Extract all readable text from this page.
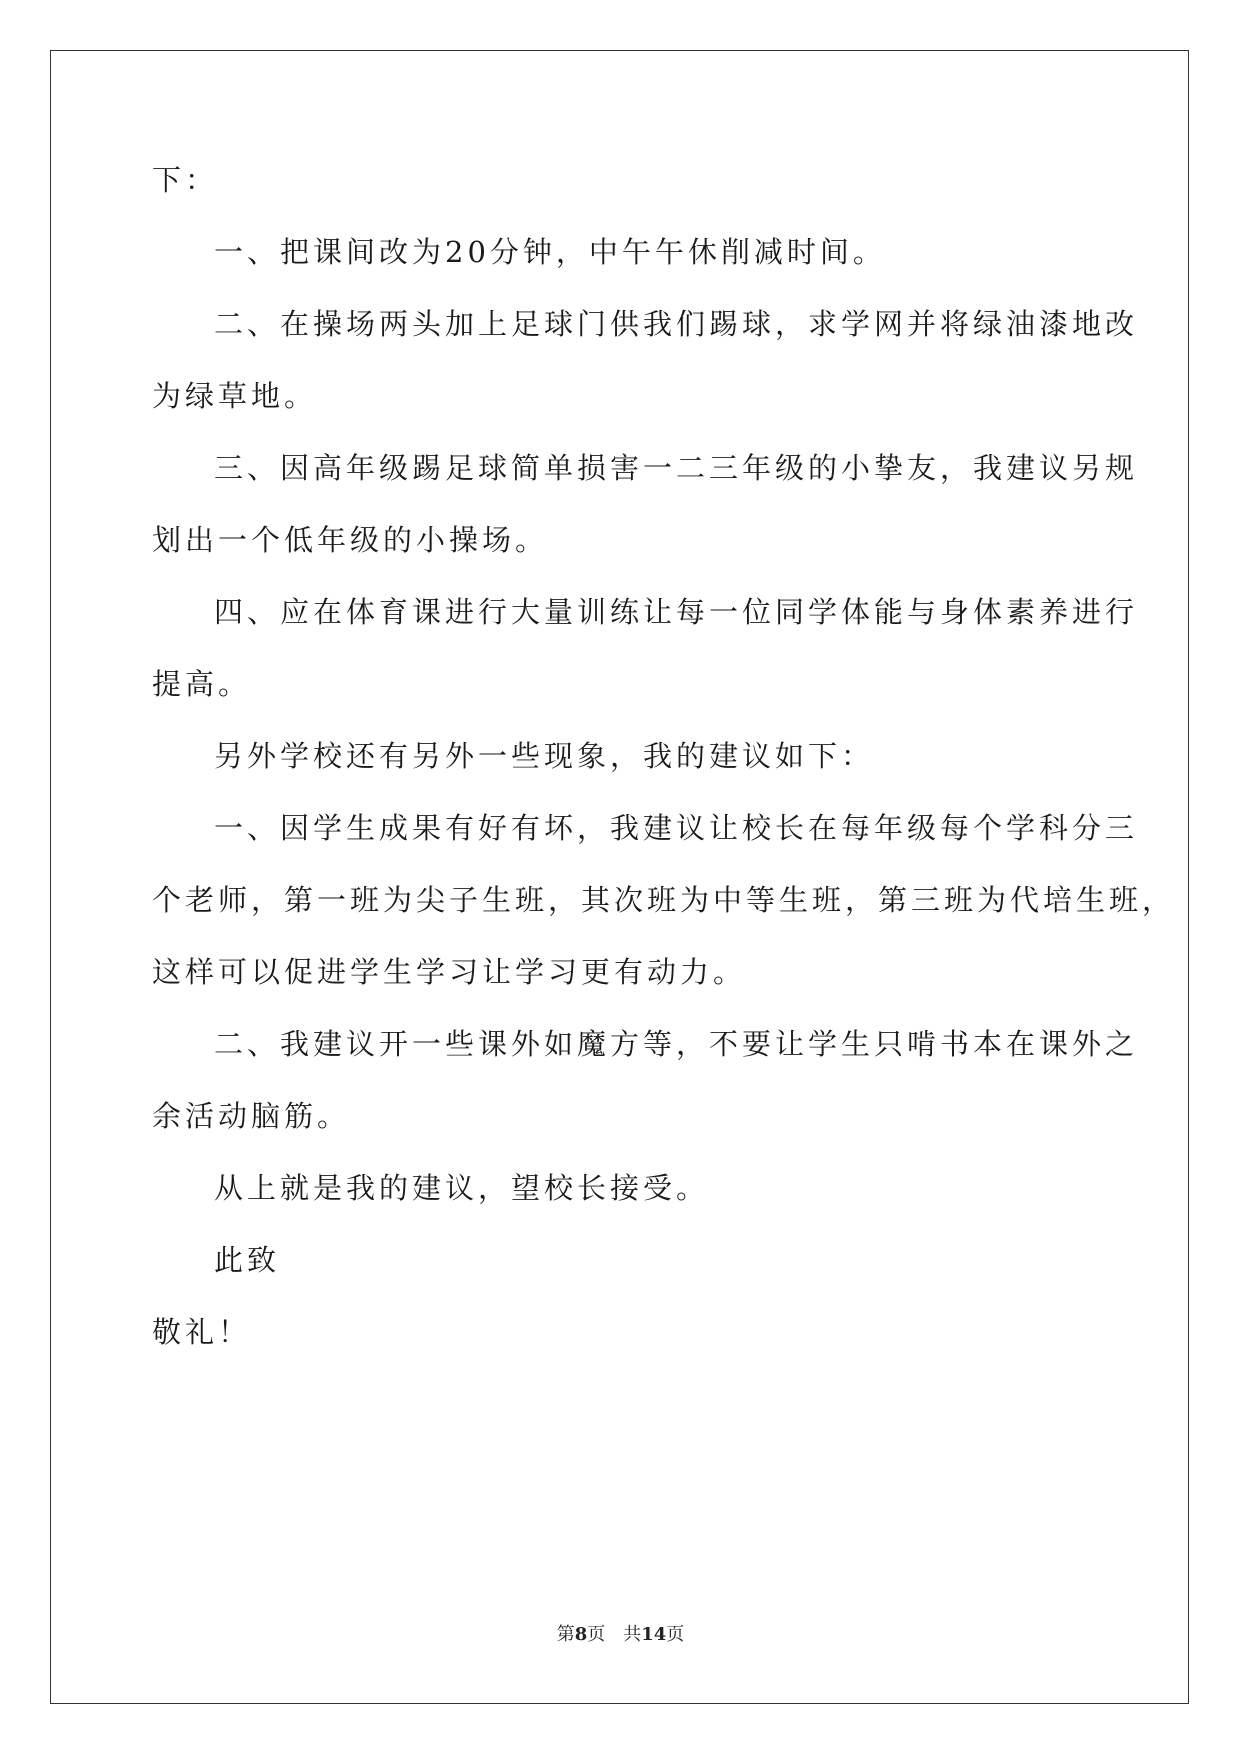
下：
一、把课间改为20分钟，中午午休削减时间。
二、在操场两头加上足球门供我们踢球，求学网并将绿油漆地改
为绿草地。
三、因高年级踢足球简单损害一二三年级的小挚友，我建议另规
划出一个低年级的小操场。
四、应在体育课进行大量训练让每一位同学体能与身体素养进行
提高。
另外学校还有另外一些现象，我的建议如下：
一、因学生成果有好有坏，我建议让校长在每年级每个学科分三
个老师，第一班为尖子生班，其次班为中等生班，第三班为代培生班，
这样可以促进学生学习让学习更有动力。
二、我建议开一些课外如魔方等，不要让学生只啃书本在课外之
余活动脑筋。
从上就是我的建议，望校长接受。
此致
敬礼！
第8页 共14页
